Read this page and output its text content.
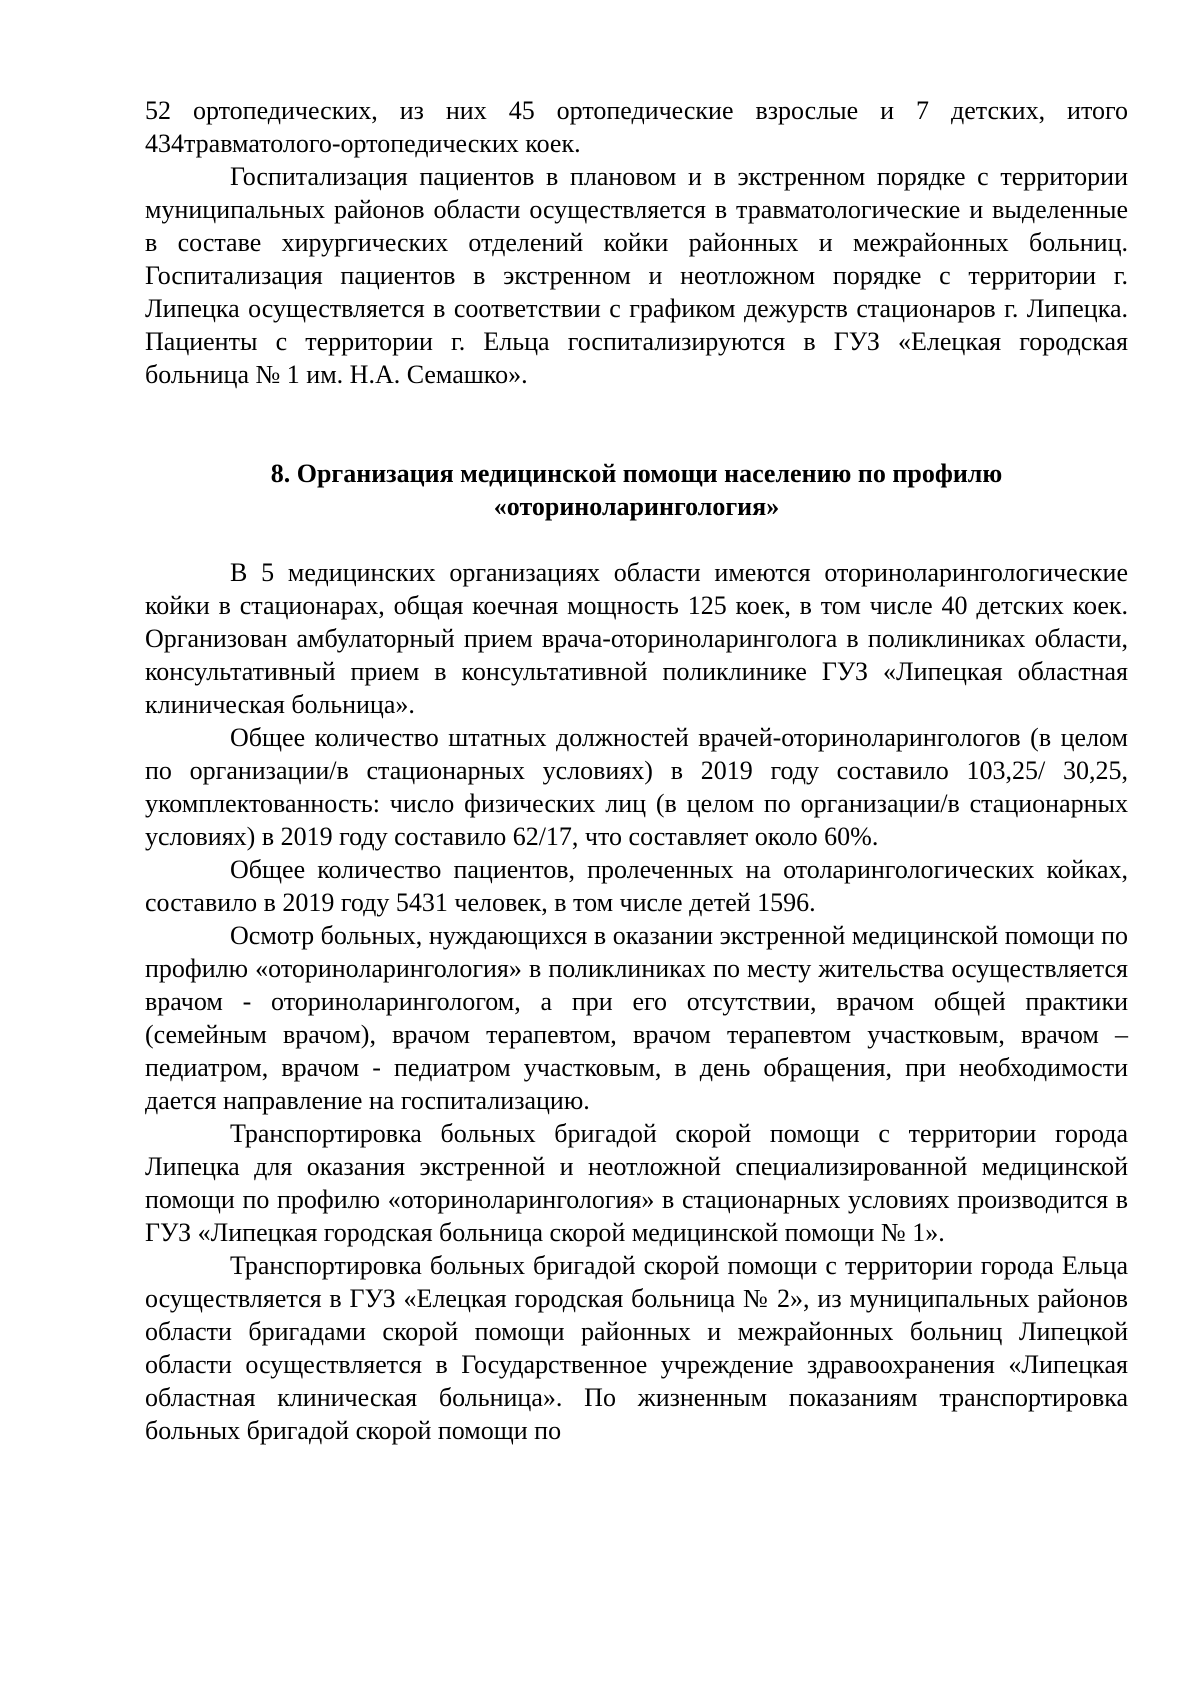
52 ортопедических, из них 45 ортопедические взрослые и 7 детских, итого 434травматолого-ортопедических коек.

Госпитализация пациентов в плановом и в экстренном порядке с территории муниципальных районов области осуществляется в травматологические и выделенные в составе хирургических отделений койки районных и межрайонных больниц. Госпитализация пациентов в экстренном и неотложном порядке с территории г. Липецка осуществляется в соответствии с графиком дежурств стационаров г. Липецка. Пациенты с территории г. Ельца госпитализируются в ГУЗ «Елецкая городская больница № 1 им. Н.А. Семашко».

8. Организация медицинской помощи населению по профилю

«оториноларингология»

В 5 медицинских организациях области имеются оториноларингологические койки в стационарах, общая коечная мощность 125 коек, в том числе 40 детских коек. Организован амбулаторный прием врача-оториноларинголога в поликлиниках области, консультативный прием в консультативной поликлинике ГУЗ «Липецкая областная клиническая больница».

Общее количество штатных должностей врачей-оториноларингологов (в целом по организации/в стационарных условиях) в 2019 году составило 103,25/ 30,25, укомплектованность: число физических лиц (в целом по организации/в стационарных условиях) в 2019 году составило 62/17, что составляет около 60%.

Общее количество пациентов, пролеченных на отоларингологических койках, составило в 2019 году 5431 человек, в том числе детей 1596.

Осмотр больных, нуждающихся в оказании экстренной медицинской помощи по профилю «оториноларингология» в поликлиниках по месту жительства осуществляется врачом - оториноларингологом, а при его отсутствии, врачом общей практики (семейным врачом), врачом терапевтом, врачом терапевтом участковым, врачом – педиатром, врачом - педиатром участковым, в день обращения, при необходимости дается направление на госпитализацию.

Транспортировка больных бригадой скорой помощи с территории города Липецка для оказания экстренной и неотложной специализированной медицинской помощи по профилю «оториноларингология» в стационарных условиях производится в ГУЗ «Липецкая городская больница скорой медицинской помощи № 1».

Транспортировка больных бригадой скорой помощи с территории города Ельца осуществляется в ГУЗ «Елецкая городская больница № 2», из муниципальных районов области бригадами скорой помощи районных и межрайонных больниц Липецкой области осуществляется в Государственное учреждение здравоохранения «Липецкая областная клиническая больница». По жизненным показаниям транспортировка больных бригадой скорой помощи по
